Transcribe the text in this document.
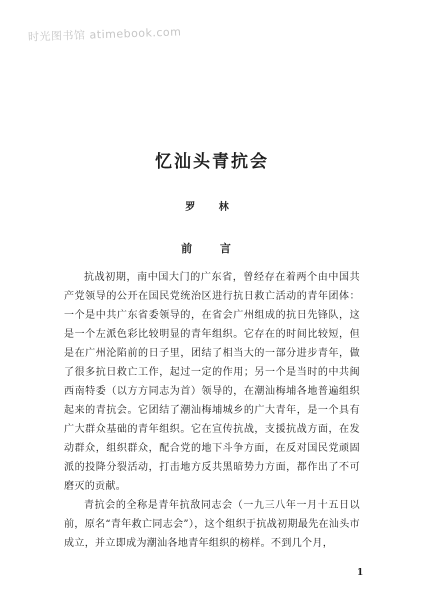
时光图书馆 atimebook.com
忆汕头青抗会
罗 林
前 言

抗战初期，南中国大门的广东省，曾经存在着两个由中国共产党领导的公开在国民党统治区进行抗日救亡活动的青年团体：一个是中共广东省委领导的，在省会广州组成的抗日先锋队，这是一个左派色彩比较明显的青年组织。它存在的时间比较短，但是在广州沦陷前的日子里，团结了相当大的一部分进步青年，做了很多抗日救亡工作，起过一定的作用；另一个是当时的中共闽西南特委（以方方同志为首）领导的，在潮汕梅埔各地普遍组织起来的青抗会。它团结了潮汕梅埔城乡的广大青年，是一个具有广大群众基础的青年组织。它在宣传抗战，支援抗战方面，在发动群众，组织群众，配合党的地下斗争方面，在反对国民党顽固派的投降分裂活动，打击地方反共黑暗势力方面，都作出了不可磨灭的贡献。

青抗会的全称是青年抗敌同志会（一九三八年一月十五日以前，原名“青年救亡同志会”），这个组织于抗战初期最先在汕头市成立，并立即成为潮汕各地青年组织的榜样。不到几个月，

1
